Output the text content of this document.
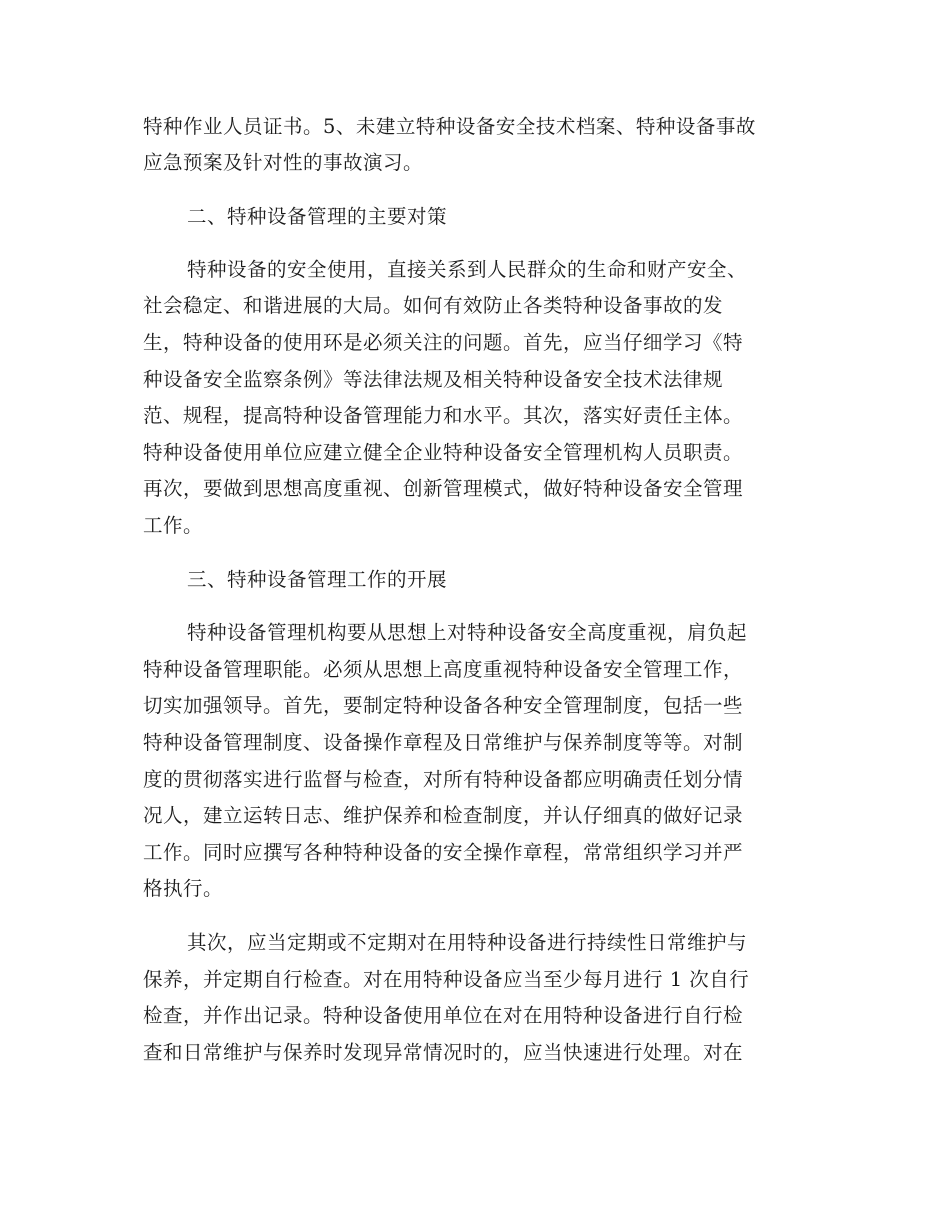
特种作业人员证书。5、未建立特种设备安全技术档案、特种设备事故
应急预案及针对性的事故演习。
二、特种设备管理的主要对策
特种设备的安全使用，直接关系到人民群众的生命和财产安全、
社会稳定、和谐进展的大局。如何有效防止各类特种设备事故的发
生，特种设备的使用环是必须关注的问题。首先，应当仔细学习《特
种设备安全监察条例》等法律法规及相关特种设备安全技术法律规
范、规程，提高特种设备管理能力和水平。其次，落实好责任主体。
特种设备使用单位应建立健全企业特种设备安全管理机构人员职责。
再次，要做到思想高度重视、创新管理模式，做好特种设备安全管理
工作。
三、特种设备管理工作的开展
特种设备管理机构要从思想上对特种设备安全高度重视，肩负起
特种设备管理职能。必须从思想上高度重视特种设备安全管理工作，
切实加强领导。首先，要制定特种设备各种安全管理制度，包括一些
特种设备管理制度、设备操作章程及日常维护与保养制度等等。对制
度的贯彻落实进行监督与检查，对所有特种设备都应明确责任划分情
况人，建立运转日志、维护保养和检查制度，并认仔细真的做好记录
工作。同时应撰写各种特种设备的安全操作章程，常常组织学习并严
格执行。
其次，应当定期或不定期对在用特种设备进行持续性日常维护与
保养，并定期自行检查。对在用特种设备应当至少每月进行 1 次自行
检查，并作出记录。特种设备使用单位在对在用特种设备进行自行检
查和日常维护与保养时发现异常情况时的，应当快速进行处理。对在
